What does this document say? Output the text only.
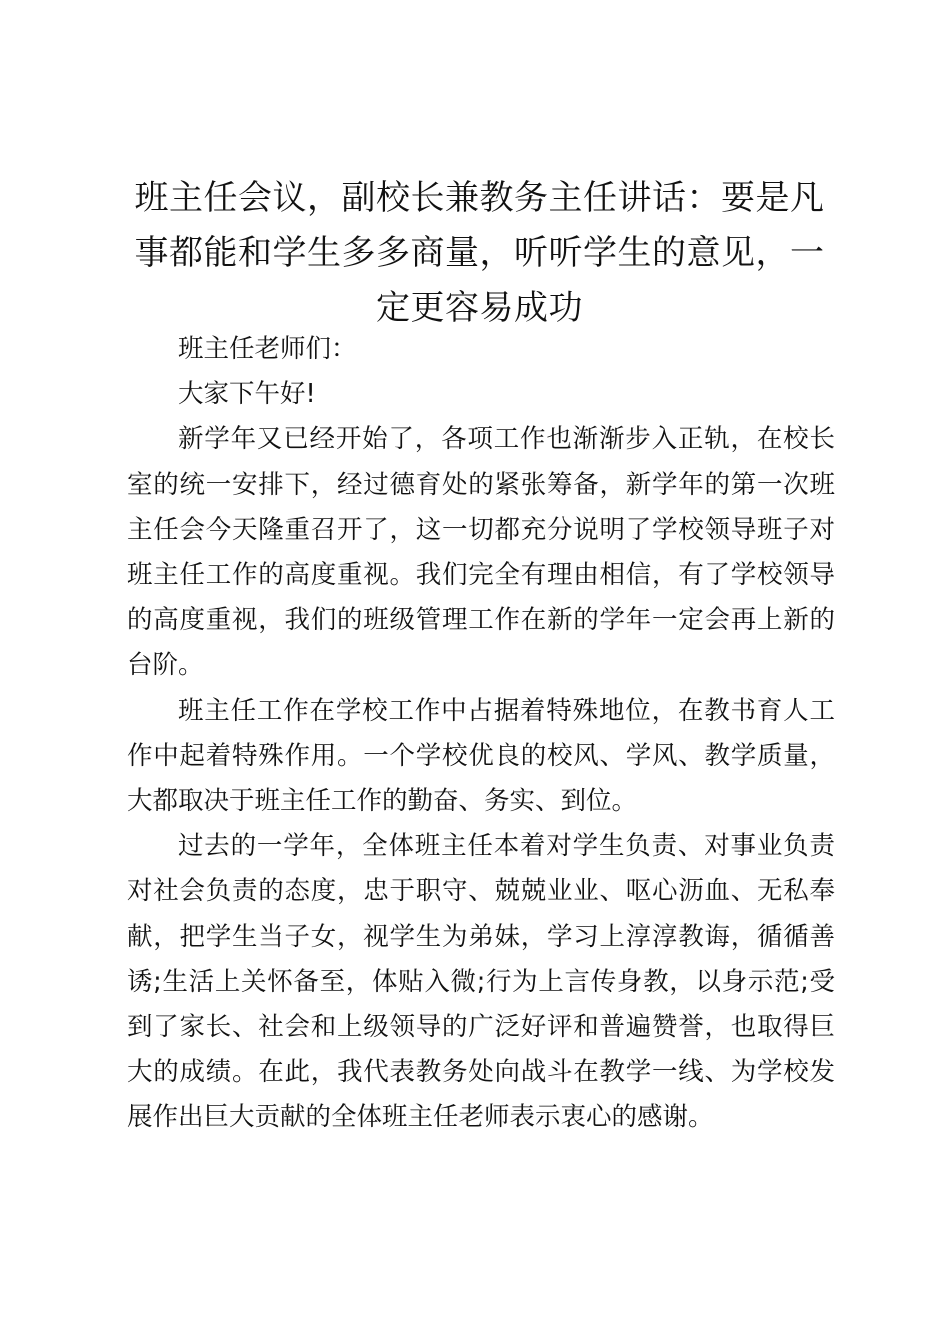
班主任会议，副校长兼教务主任讲话：要是凡事都能和学生多多商量，听听学生的意见，一定更容易成功

班主任老师们：

大家下午好!

新学年又已经开始了，各项工作也渐渐步入正轨，在校长室的统一安排下，经过德育处的紧张筹备，新学年的第一次班主任会今天隆重召开了，这一切都充分说明了学校领导班子对班主任工作的高度重视。我们完全有理由相信，有了学校领导的高度重视，我们的班级管理工作在新的学年一定会再上新的台阶。

班主任工作在学校工作中占据着特殊地位，在教书育人工作中起着特殊作用。一个学校优良的校风、学风、教学质量，大都取决于班主任工作的勤奋、务实、到位。

过去的一学年，全体班主任本着对学生负责、对事业负责对社会负责的态度，忠于职守、兢兢业业、呕心沥血、无私奉献，把学生当子女，视学生为弟妹，学习上淳淳教诲，循循善诱;生活上关怀备至，体贴入微;行为上言传身教，以身示范;受到了家长、社会和上级领导的广泛好评和普遍赞誉，也取得巨大的成绩。在此，我代表教务处向战斗在教学一线、为学校发展作出巨大贡献的全体班主任老师表示衷心的感谢。
